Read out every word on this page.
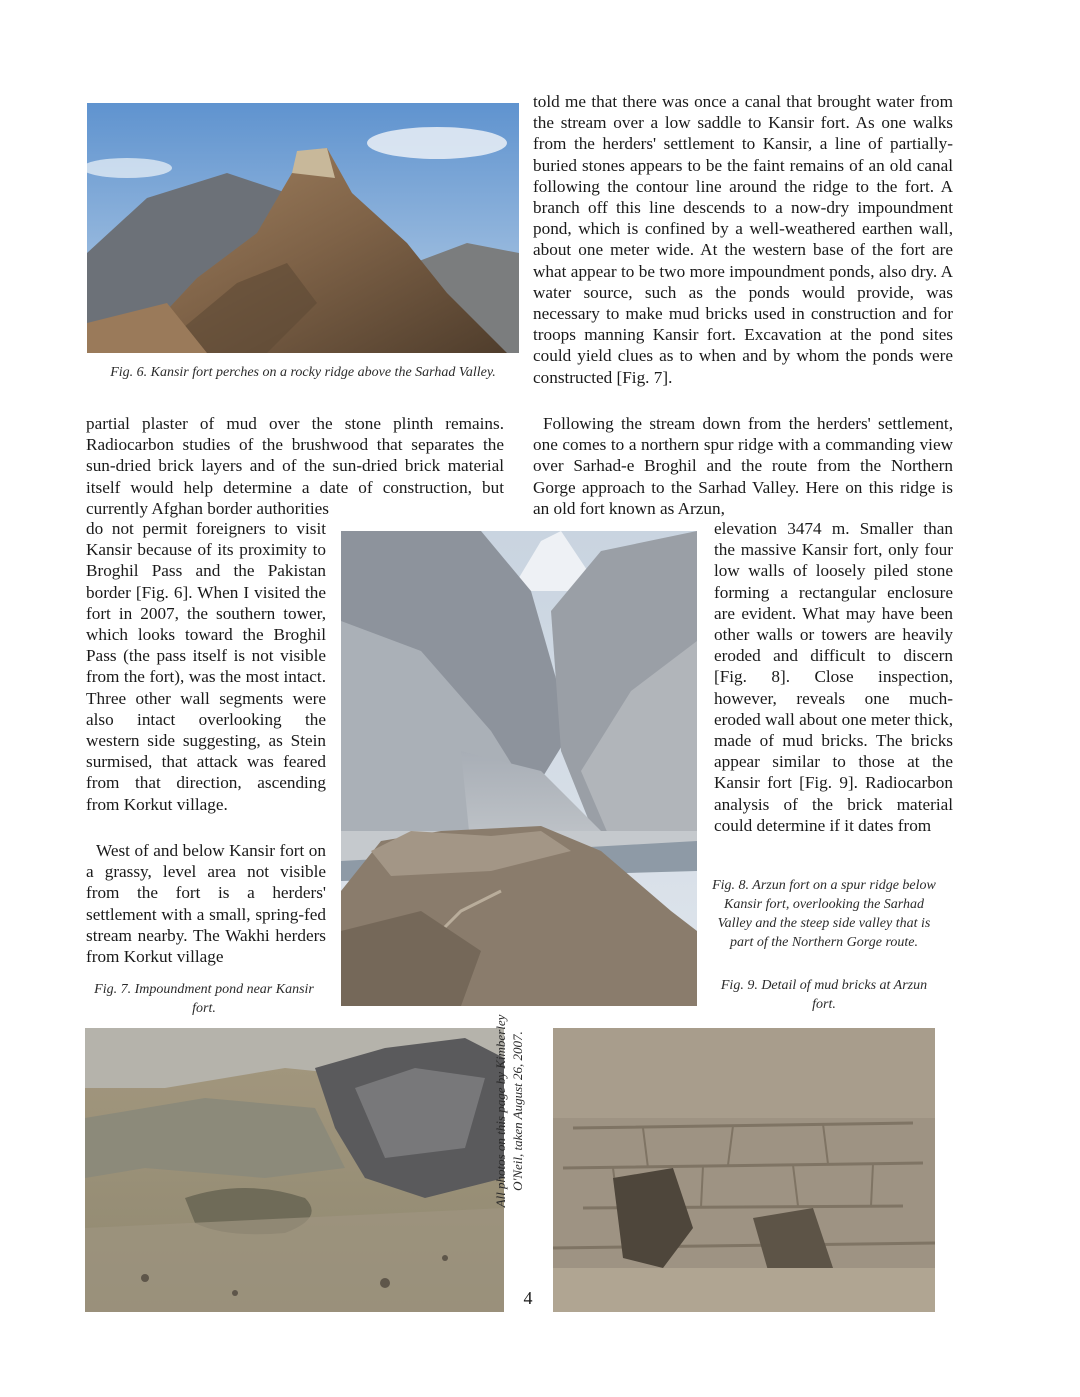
Fig. 6. Kansir fort perches on a rocky ridge above the Sarhad Valley.

told me that there was once a canal that brought water from the stream over a low saddle to Kansir fort. As one walks from the herders' settlement to Kansir, a line of partially-buried stones appears to be the faint remains of an old canal following the contour line around the ridge to the fort. A branch off this line descends to a now-dry impoundment pond, which is confined by a well-weathered earthen wall, about one meter wide. At the western base of the fort are what appear to be two more impoundment ponds, also dry. A water source, such as the ponds would provide, was necessary to make mud bricks used in construction and for troops manning Kansir fort. Excavation at the pond sites could yield clues as to when and by whom the ponds were constructed [Fig. 7].

Following the stream down from the herders' settlement, one comes to a northern spur ridge with a commanding view over Sarhad-e Broghil and the route from the Northern Gorge approach to the Sarhad Valley. Here on this ridge is an old fort known as Arzun,

partial plaster of mud over the stone plinth remains. Radiocarbon studies of the brushwood that separates the sun-dried brick layers and of the sun-dried brick material itself would help determine a date of construction, but currently Afghan border authorities

do not permit foreigners to visit Kansir because of its proximity to Broghil Pass and the Pakistan border [Fig. 6]. When I visited the fort in 2007, the southern tower, which looks toward the Broghil Pass (the pass itself is not visible from the fort), was the most intact. Three other wall segments were also intact overlooking the western side suggesting, as Stein surmised, that attack was feared from that direction, ascending from Korkut village.

West of and below Kansir fort on a grassy, level area not visible from the fort is a herders' settlement with a small, spring-fed stream nearby. The Wakhi herders from Korkut village

elevation 3474 m. Smaller than the massive Kansir fort, only four low walls of loosely piled stone forming a rectangular enclosure are evident. What may have been other walls or towers are heavily eroded and difficult to discern [Fig. 8]. Close inspection, however, reveals one much-eroded wall about one meter thick, made of mud bricks. The bricks appear similar to those at the Kansir fort [Fig. 9]. Radiocarbon analysis of the brick material could determine if it dates from

Fig. 8. Arzun fort on a spur ridge below Kansir fort, overlooking the Sarhad Valley and the steep side valley that is part of the Northern Gorge route.

Fig. 9. Detail of mud bricks at Arzun fort.

Fig. 7. Impoundment pond near Kansir fort.

All photos on this page by Kimberley O'Neil, taken August 26, 2007.
4
